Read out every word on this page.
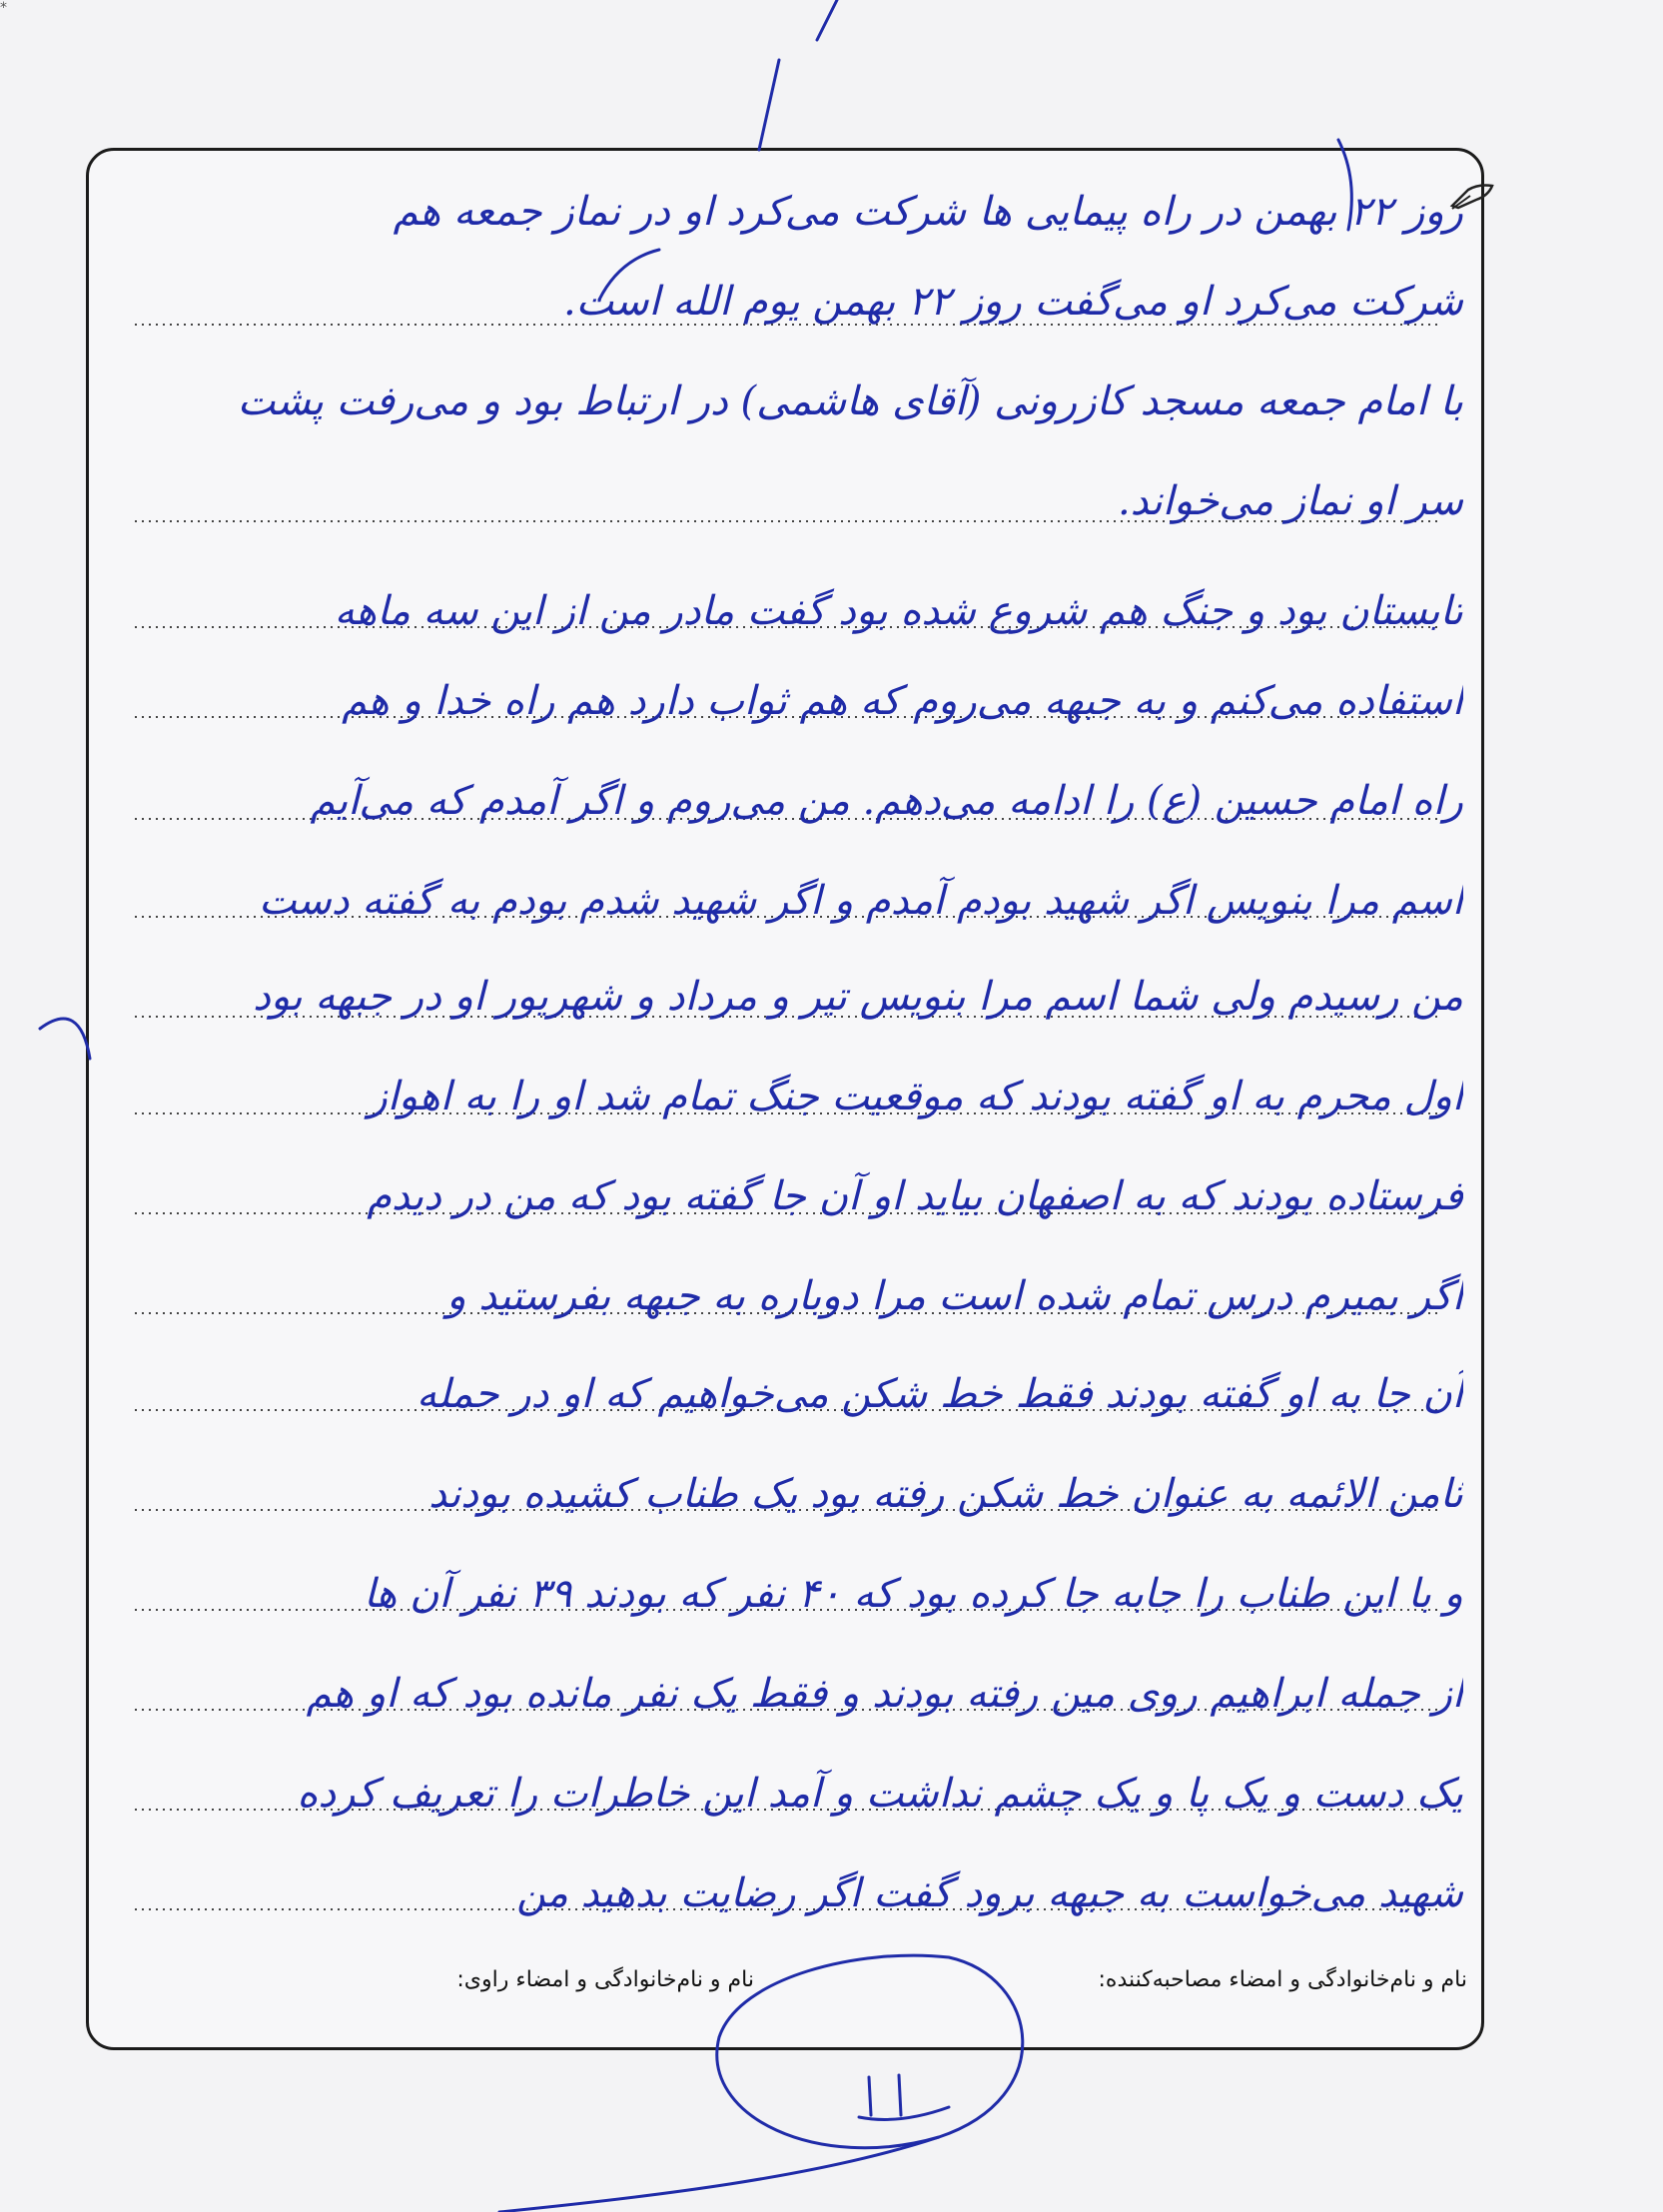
*
روز ۲۲ بهمن در راه پیمایی ها شرکت می‌کرد او در نماز جمعه هم
شرکت می‌کرد او می‌گفت روز ۲۲ بهمن یوم الله است.
با امام جمعه مسجد کازرونی (آقای هاشمی) در ارتباط بود و می‌رفت پشت
سر او نماز می‌خواند.
تابستان بود و جنگ هم شروع شده بود گفت مادر من از این سه ماهه
استفاده می‌کنم و به جبهه می‌روم که هم ثواب دارد هم راه خدا و هم
راه امام حسین (ع) را ادامه می‌دهم. من می‌روم و اگر آمدم که می‌آیم
اسم مرا بنویس اگر شهید بودم آمدم و اگر شهید شدم بودم به گفته دست
من رسیدم ولی شما اسم مرا بنویس تیر و مرداد و شهریور او در جبهه بود
اول محرم به او گفته بودند که موقعیت جنگ تمام شد او را به اهواز
فرستاده بودند که به اصفهان بیاید او آن جا گفته بود که من در دیدم
اگر بمیرم درس تمام شده است مرا دوباره به جبهه بفرستید و
آن جا به او گفته بودند فقط خط شکن می‌خواهیم که او در حمله
ثامن الائمه به عنوان خط شکن رفته بود یک طناب کشیده بودند
و با این طناب را جابه جا کرده بود که ۴۰ نفر که بودند ۳۹ نفر آن ها
از جمله ابراهیم روی مین رفته بودند و فقط یک نفر مانده بود که او هم
یک دست و یک پا و یک چشم نداشت و آمد این خاطرات را تعریف کرده
شهید می‌خواست به جبهه برود گفت اگر رضایت بدهید من
نام و نام‌خانوادگی و امضاء مصاحبه‌کننده:
نام و نام‌خانوادگی و امضاء راوی:
